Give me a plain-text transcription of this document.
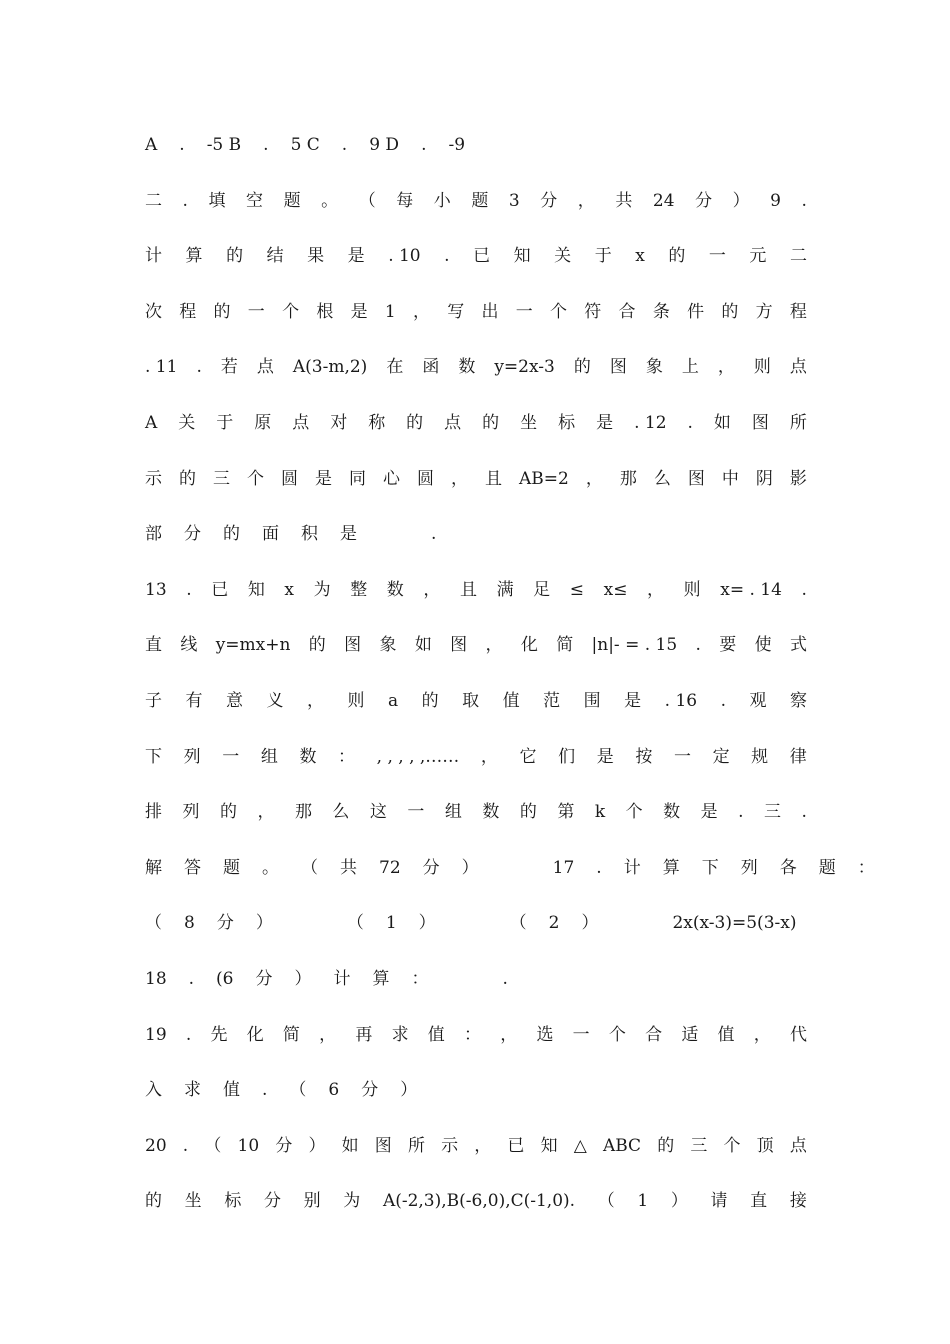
A . -5 B . 5 C . 9 D . -9
二 . 填 空 题 。 （ 每 小 题 3 分 ， 共 24 分 ） 9 .
计 算 的 结 果 是 . 10 . 已 知 关 于 x 的 一 元 二
次 程 的 一 个 根 是 1 ， 写 出 一 个 符 合 条 件 的 方 程
. 11 . 若 点 A(3-m,2) 在 函 数 y=2x-3 的 图 象 上 ， 则 点
A 关 于 原 点 对 称 的 点 的 坐 标 是 . 12 . 如 图 所
示 的 三 个 圆 是 同 心 圆 ， 且 AB=2 ， 那 么 图 中 阴 影
部 分 的 面 积 是	.
13 . 已 知 x 为 整 数 ， 且 满 足 ≤ x≤ ， 则 x= . 14 .
直 线 y=mx+n 的 图 象 如 图 ， 化 简 |n|- = . 15 . 要 使 式
子 有 意 义 ， 则 a 的 取 值 范 围 是 . 16 . 观 察
下 列 一 组 数 ： , , , , ,…… ， 它 们 是 按 一 定 规 律
排 列 的 ， 那 么 这 一 组 数 的 第 k 个 数 是 . 三 .
解 答 题 。 （ 共 72 分 ）	17 . 计 算 下 列 各 题 ：
（ 8 分 ）	（ 1 ）	（ 2 ）	2x(x-3)=5(3-x)
18 . (6 分 ） 计 算 ：	.
19 . 先 化 简 ， 再 求 值 ： ， 选 一 个 合 适 值 ， 代
入 求 值 . （ 6 分 ）
20 . （ 10 分 ） 如 图 所 示 ， 已 知 △ ABC 的 三 个 顶 点
的 坐 标 分 别 为 A(-2,3),B(-6,0),C(-1,0). （ 1 ） 请 直 接
